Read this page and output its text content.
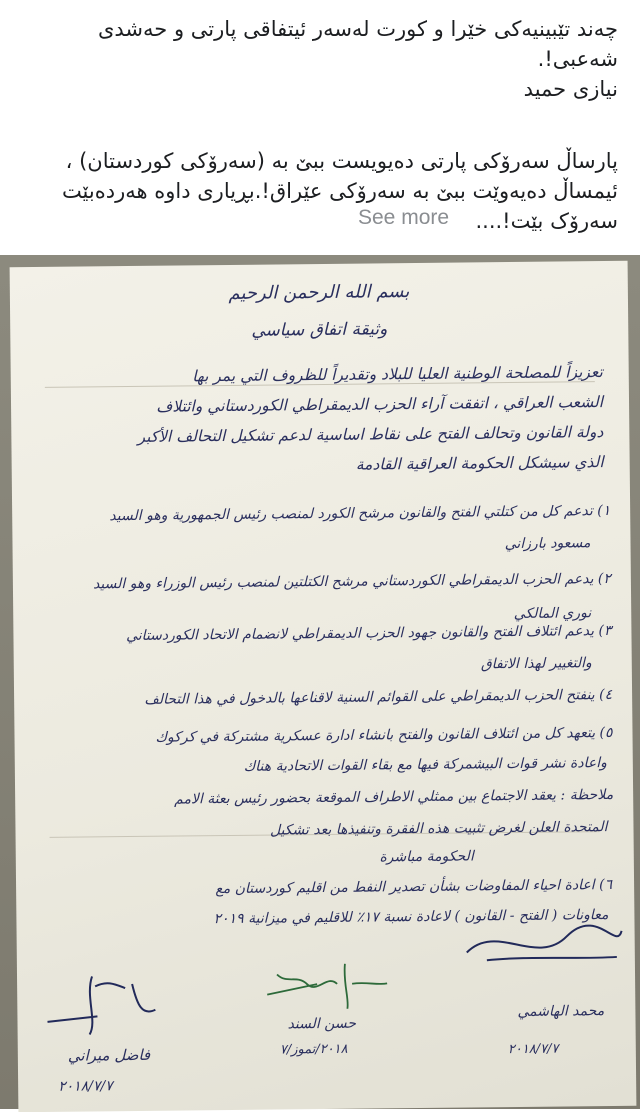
چەند تێبینیەکی خێرا و کورت لەسەر ئیتفاقی پارتی و حەشدی
شەعبی!.
نیازی حمید
پارساڵ سەرۆکی پارتی دەیویست ببێ بە (سەرۆکی کوردستان) ،
ئیمساڵ دەیەوێت ببێ بە سەرۆکی عێراق!.بڕیاری داوە هەردەبێت
سەرۆک بێت!....
See more
بسم الله الرحمن الرحيم
وثيقة اتفاق سياسي
تعزيزاً للمصلحة الوطنية العليا للبلاد وتقديراً للظروف التي يمر بها
الشعب العراقي ، اتفقت آراء الحزب الديمقراطي الكوردستاني وائتلاف
دولة القانون وتحالف الفتح على نقاط اساسية لدعم تشكيل التحالف الأكبر
الذي سيشكل الحكومة العراقية القادمة
١) تدعم كل من كتلتي الفتح والقانون مرشح الكورد لمنصب رئيس الجمهورية وهو السيد
مسعود بارزاني
٢) يدعم الحزب الديمقراطي الكوردستاني مرشح الكتلتين لمنصب رئيس الوزراء وهو السيد
نوري المالكي
٣) يدعم ائتلاف الفتح والقانون جهود الحزب الديمقراطي لانضمام الاتحاد الكوردستاني
والتغيير لهذا الاتفاق
٤) ينفتح الحزب الديمقراطي على القوائم السنية لاقناعها بالدخول في هذا التحالف
٥) يتعهد كل من ائتلاف القانون والفتح بانشاء ادارة عسكرية مشتركة في كركوك
واعادة نشر قوات البيشمركة فيها مع بقاء القوات الاتحادية هناك
ملاحظة : يعقد الاجتماع بين ممثلي الاطراف الموقعة بحضور رئيس بعثة الامم
المتحدة العلن لغرض تثبيت هذه الفقرة وتنفيذها بعد تشكيل
الحكومة مباشرة
٦) اعادة احياء المفاوضات بشأن تصدير النفط من اقليم كوردستان مع
معاونات ( الفتح - القانون ) لاعادة نسبة ١٧٪ للاقليم في ميزانية ٢٠١٩
فاضل ميراني
٢٠١٨/٧/٧
حسن السند
٢٠١٨/تموز/٧
محمد الهاشمي
٢٠١٨/٧/٧
